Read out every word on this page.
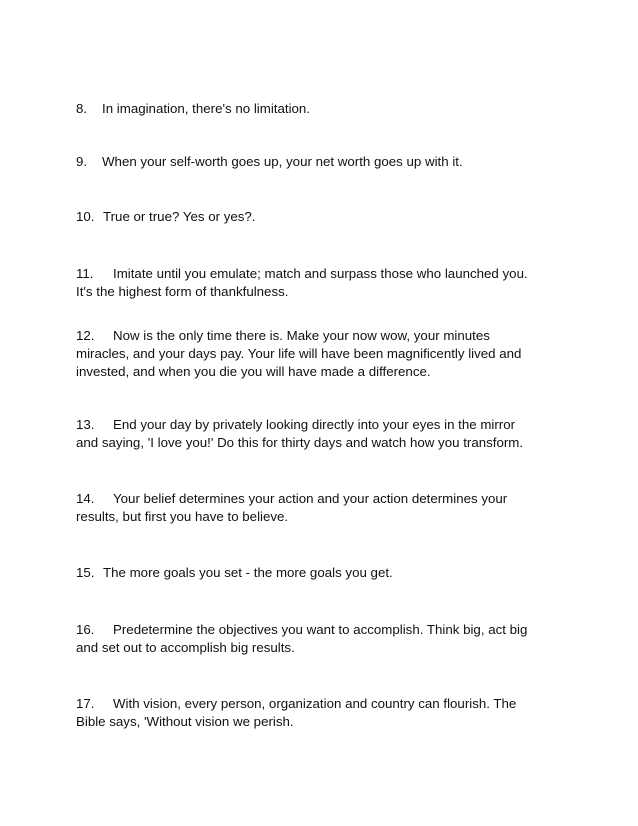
8. In imagination, there's no limitation.

9. When your self-worth goes up, your net worth goes up with it.

10. True or true? Yes or yes?.

11. Imitate until you emulate; match and surpass those who launched you. It's the highest form of thankfulness.

12. Now is the only time there is. Make your now wow, your minutes miracles, and your days pay. Your life will have been magnificently lived and invested, and when you die you will have made a difference.

13. End your day by privately looking directly into your eyes in the mirror and saying, 'I love you!' Do this for thirty days and watch how you transform.

14. Your belief determines your action and your action determines your results, but first you have to believe.

15. The more goals you set - the more goals you get.

16. Predetermine the objectives you want to accomplish. Think big, act big and set out to accomplish big results.

17. With vision, every person, organization and country can flourish. The Bible says, 'Without vision we perish.
